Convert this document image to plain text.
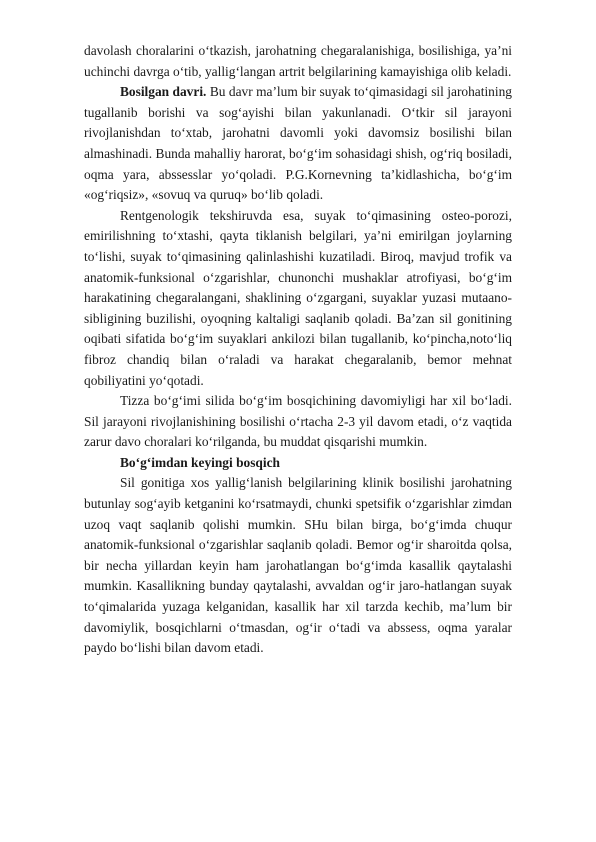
davolash choralarini o‘tkazish, jarohatning chegaralanishiga, bosilishiga, ya’ni uchinchi davrga o‘tib, yallig‘langan artrit belgilarining kamayishiga olib keladi.

Bosilgan davri. Bu davr ma’lum bir suyak to‘qimasidagi sil jarohatining tugallanib borishi va sog‘ayishi bilan yakunlanadi. O‘tkir sil jarayoni rivojlanishdan to‘xtab, jarohatni davomli yoki davomsiz bosilishi bilan almashinadi. Bunda mahalliy harorat, bo‘g‘im sohasidagi shish, og‘riq bosiladi, oqma yara, abssesslar yo‘qoladi. P.G.Kornevning ta’kidlashicha, bo‘g‘im «og‘riqsiz», «sovuq va quruq» bo‘lib qoladi.

Rentgenologik tekshiruvda esa, suyak to‘qimasining osteo-porozi, emirilishning to‘xtashi, qayta tiklanish belgilari, ya’ni emirilgan joylarning to‘lishi, suyak to‘qimasining qalinlashishi kuzatiladi. Biroq, mavjud trofik va anatomik-funksional o‘zgarishlar, chunonchi mushaklar atrofiyasi, bo‘g‘im harakatining chegaralangani, shaklining o‘zgargani, suyaklar yuzasi mutaano-sibligining buzilishi, oyoqning kaltaligi saqlanib qoladi. Ba’zan sil gonitining oqibati sifatida bo‘g‘im suyaklari ankilozi bilan tugallanib, ko‘pincha,noto‘liq fibroz chandiq bilan o‘raladi va harakat chegaralanib, bemor mehnat qobiliyatini yo‘qotadi.

Tizza bo‘g‘imi silida bo‘g‘im bosqichining davomiyligi har xil bo‘ladi. Sil jarayoni rivojlanishining bosilishi o‘rtacha 2-3 yil davom etadi, o‘z vaqtida zarur davo choralari ko‘rilganda, bu muddat qisqarishi mumkin.

Bo‘g‘imdan keyingi bosqich

Sil gonitiga xos yallig‘lanish belgilarining klinik bosilishi jarohatning butunlay sog‘ayib ketganini ko‘rsatmaydi, chunki spetsifik o‘zgarishlar zimdan uzoq vaqt saqlanib qolishi mumkin. SHu bilan birga, bo‘g‘imda chuqur anatomik-funksional o‘zgarishlar saqlanib qoladi. Bemor og‘ir sharoitda qolsa, bir necha yillardan keyin ham jarohatlangan bo‘g‘imda kasallik qaytalashi mumkin. Kasallikning bunday qaytalashi, avvaldan og‘ir jaro-hatlangan suyak to‘qimalarida yuzaga kelganidan, kasallik har xil tarzda kechib, ma’lum bir davomiylik, bosqichlarni o‘tmasdan, og‘ir o‘tadi va abssess, oqma yaralar paydo bo‘lishi bilan davom etadi.
